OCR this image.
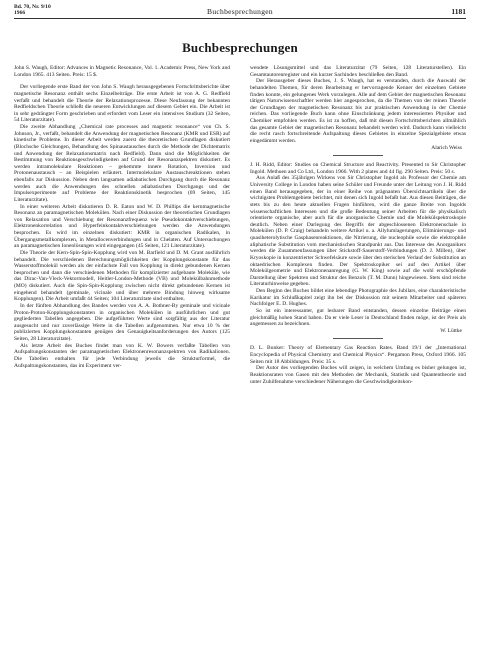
Bd. 70, Nr. 9/10
1966	Buchbesprechungen	1181
Buchbesprechungen

John S. Waugh, Editor: Advances in Magnetic Resonance, Vol. 1. Academic Press, New York and London 1965. 413 Seiten. Preis: 15 $.

Der vorliegende erste Band der von John S. Waugh herausgegebenen Fortschrittsberichte über magnetische Resonanz enthält sechs Einzelbeiträge. Die erste Arbeit ist von A. G. Redfield verfaßt und behandelt die Theorie der Relaxationsprozesse. Diese Neufassung der bekannten Redfieldschen Theorie schließt die neueren Entwicklungen auf diesem Gebiet ein. Die Arbeit ist in sehr gedrängter Form geschrieben und erfordert vom Leser ein intensives Studium (32 Seiten, 54 Literaturzitate).

Die zweite Abhandlung „Chemical rate processes and magnetic resonance“ von Ch. S. Johnson, Jr., verfaßt, behandelt die Anwendung der magnetischen Resonanz (KMR und ESR) auf kinetische Probleme. In dieser Arbeit werden zuerst die theoretischen Grundlagen diskutiert (Blochsche Gleichungen, Behandlung des Spinaustausches durch die Methode der Dichtematrix und Anwendung der Relaxationsmatrix nach Redfield). Dann sind die Möglichkeiten der Bestimmung von Reaktionsgeschwindigkeiten auf Grund der Resonanzspektren diskutiert. Es werden intramolekulare Reaktionen – gehemmte innere Rotation, Inversion und Protonenaustausch – an Beispielen erläutert. Intermolekulare Austauschreaktionen stehen ebenfalls zur Diskussion. Neben dem langsamen adiabatischen Durchgang durch die Resonanz werden auch die Anwendungen des schnellen adiabatischen Durchgangs und der Impulsexperimente auf Probleme der Reaktionskinetik besprochen (69 Seiten, 145 Literaturzitate).

In einer weiteren Arbeit diskutieren D. R. Eaton und W. D. Phillips die kernmagnetische Resonanz an paramagnetischen Molekülen. Nach einer Diskussion der theoretischen Grundlagen von Relaxation und Verschiebung der Resonanzfrequenz wie Pseudokontaktverschiebungen, Elektronenkorrelation und Hyperfeinkontaktverschiebungen werden die Anwendungen besprochen. Es wird im einzelnen diskutiert: KMR in organischen Radikalen, in Übergangsmetallkomplexen, in Metallocenverbindungen und in Chelaten. Auf Untersuchungen an paramagnetischen Ionenlösungen wird eingegangen (45 Seiten, 121 Literaturzitate).

Die Theorie der Kern-Spin-Spin-Kopplung wird von M. Barfield und D. M. Grant ausführlich behandelt. Die verschiedenen Berechnungsmöglichkeiten der Kopplungskonstante für das Wasserstoffmolekül werden als der einfachste Fall von Kopplung in direkt gebundenen Kernen besprochen und dann die verschiedenen Methoden für komplizierter aufgebaute Moleküle, wie das Dirac-Van-Vleck-Vektormodell, Heitler-London-Methode (VB) und Molekülbahnmethode (MO) diskutiert. Auch die Spin-Spin-Kopplung zwischen nicht direkt gebundenen Kernen ist eingehend behandelt (geminale, vicinale und über mehrere Bindung hinweg wirksame Kopplungen). Die Arbeit umfaßt 44 Seiten; 104 Literaturzitate sind enthalten.

In der fünften Abhandlung des Bandes werden von A. A. Bothner-By geminale und vicinale Proton-Proton-Kopplungskonstanten in organischen Molekülen in ausführlichen und gut gegliederten Tabellen angegeben. Die aufgeführten Werte sind sorgfältig aus der Literatur ausgesucht und nur zuverlässige Werte in die Tabellen aufgenommen. Nur etwa 10 % der publizierten Kopplungskonstanten genügen den Genauigkeitsanforderungen des Autors (125 Seiten, 28 Literaturzitate).

Als letzte Arbeit des Buches findet man von K. W. Bowers verfaßte Tabellen von Aufspaltungskonstanten der paramagnetischen Elektronenresonanzspektren von Radikalionen. Die Tabellen enthalten für jede Verbindung jeweils die Strukturformel, die Aufspaltungskonstanten, das im Experiment ver-

wendete Lösungsmittel und das Literaturzitat (79 Seiten, 128 Literaturstellen). Ein Gesamtautorenregister und ein kurzer Sachindex beschließen den Band.

Der Herausgeber dieses Buches, J. S. Waugh, hat es verstanden, durch die Auswahl der behandelten Themen, für deren Bearbeitung er hervorragende Kenner der einzelnen Gebiete finden konnte, ein gelungenes Werk vorzulegen. Alle auf dem Gebiet der magnetischen Resonanz tätigen Naturwissenschaftler werden hier angesprochen, da die Themen von der reinen Theorie der Grundlagen der magnetischen Resonanz bis zur praktischen Anwendung in der Chemie reichen. Das vorliegende Buch kann ohne Einschränkung jedem interessierten Physiker und Chemiker empfohlen werden. Es ist zu hoffen, daß mit diesen Fortschrittsberichten allmählich das gesamte Gebiet der magnetischen Resonanz behandelt werden wird. Dadurch kann vielleicht die recht rasch fortschreitende Aufspaltung dieses Gebietes in einzelne Spezialgebiete etwas eingedämmt werden.

Alarich Weiss

J. H. Ridd, Editor: Studies on Chemical Structure and Reactivity. Presented to Sir Christopher Ingold. Methuen and Co Ltd., London 1966. With 2 plates and 44 fig. 290 Seiten. Preis: 50 s.

Aus Anlaß des 35jährigen Wirkens von Sir Christopher Ingold als Professor der Chemie am University College in London haben seine Schüler und Freunde unter der Leitung von J. H. Ridd einen Band herausgegeben, der in einer Reihe von prägnanten Übersichtsartikeln über die wichtigsten Problemgebiete berichtet, mit denen sich Ingold befaßt hat. Aus diesen Beiträgen, die stets bis zu den heute aktuellen Fragen hinführen, wird die ganze Breite von Ingolds wissenschaftlichen Interessen und die große Bedeutung seiner Arbeiten für die physikalisch orientierte organische, aber auch für die anorganische Chemie und die Molekülspektroskopie deutlich. Neben einer Darlegung des Begriffs der abgeschlossenen Elektronenschale in Molekülen (D. P. Craig) behandeln weitere Artikel u. a. Allylumlagerungen, Eliminierungs- und quasiheterolytische Gasphasenreaktionen, die Nitrierung, die nucleophile sowie die elektrophile aliphatische Substitution vom mechanistischen Standpunkt aus. Das Interesse des Anorganikers werden die Zusammenfassungen über Stickstoff-Sauerstoff-Verbindungen (D. J. Millen), über Kryoskopie in konzentrierter Schwefelsäure sowie über den sterischen Verlauf der Substitution an oktaedrischen Komplexen finden. Der Spektroskopiker sei auf den Artikel über Molekülgeometrie und Elektronenanregung (G. W. King) sowie auf die wohl erschöpfende Darstellung über Spektren und Struktur des Benzols (T. M. Dunn) hingewiesen. Stets sind reiche Literaturhinweise gegeben.

Den Beginn des Buches bildet eine lebendige Photographie des Jubilars, eine charakteristische Karikatur im Schlußkapitel zeigt ihn bei der Diskussion mit seinem Mitarbeiter und späteren Nachfolger E. D. Hughes.

So ist ein interessanter, gut lesbarer Band entstanden, dessen einzelne Beiträge einen gleichmäßig hohen Stand haben. Da er viele Leser in Deutschland finden möge, ist der Preis als angemessen zu bezeichnen.

W. Lüttke

D. L. Bunker: Theory of Elementary Gas Reaction Rates. Band 19/1 der „International Encyclopedia of Physical Chemistry and Chemical Physics“. Pergamon Press, Oxford 1966. 105 Seiten mit 18 Abbildungen. Preis: 35 s.

Der Autor des vorliegenden Buches will zeigen, in welchem Umfang es bisher gelungen ist, Reaktionsraten von Gasen mit den Methoden der Mechanik, Statistik und Quantentheorie und unter Zuhilfenahme verschiedener Näherungen die Geschwindigkeitskon-
